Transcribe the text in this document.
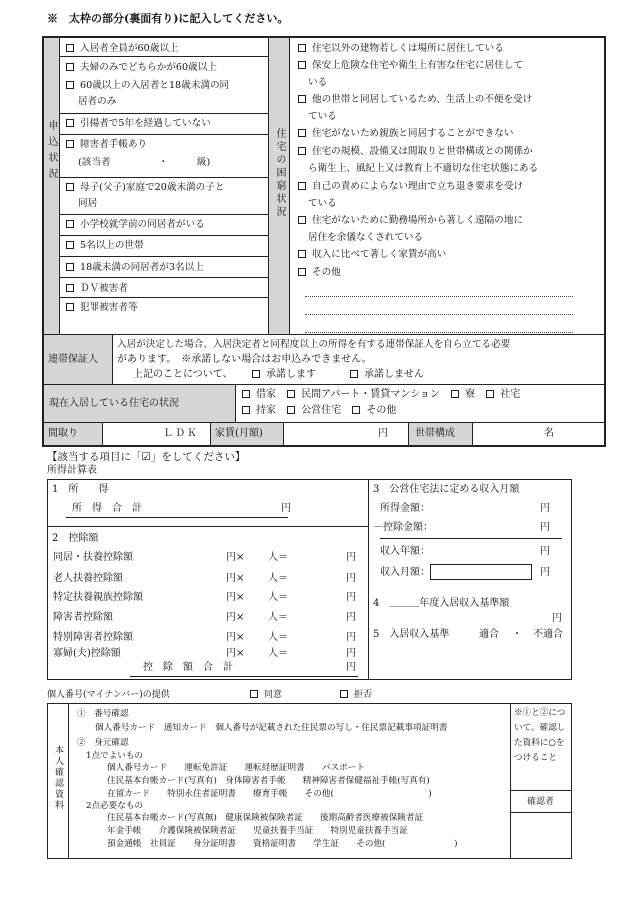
※　太枠の部分(裏面有り)に記入してください。
申込状況	住宅の困窮状況
入居者全員が60歳以上
夫婦のみでどちらかが60歳以上
60歳以上の入居者と18歳未満の同
居者のみ
引揚者で5年を経過していない
障害者手帳あり
(該当者　　　　　・　　　級)
母子(父子)家庭で20歳未満の子と
同居
小学校就学前の同居者がいる
5名以上の世帯
18歳未満の同居者が3名以上
ＤＶ被害者
犯罪被害者等
住宅以外の建物若しくは場所に居住している
保安上危険な住宅や衛生上有害な住宅に居住して
いる
他の世帯と同居しているため、生活上の不便を受け
ている
住宅がないため親族と同居することができない
住宅の規模、設備又は間取りと世帯構成との関係か
ら衛生上、風紀上又は教育上不適切な住宅状態にある
自己の責めによらない理由で立ち退き要求を受け
ている
住宅がないために勤務場所から著しく遠隔の地に
居住を余儀なくされている
収入に比べて著しく家賃が高い
その他
連帯保証人
入居が決定した場合、入居決定者と同程度以上の所得を有する連帯保証人を自ら立てる必要
があります。　※承諾しない場合はお申込みできません。
上記のことについて、	承諾します	承諾しません
現在入居している住宅の状況
借家	民間アパート・賃貸マンション	寮	社宅
持家	公営住宅	その他
間取り	ＬＤＫ 家賃(月額)	円	世帯構成	名
【該当する項目に「☑」をしてください】
所得計算表
1　所　　得
所　得　合　計	円
2　控除額
同居・扶養控除額	円× 人＝	円
老人扶養控除額	円× 人＝	円
特定扶養親族控除額	円× 人＝	円
障害者控除額	円× 人＝	円
特別障害者控除額	円× 人＝	円
寡婦(夫)控除額	円× 人＝	円
控　除　額　合　計	円
3　公営住宅法に定める収入月額
所得金額：	円
－控除金額：	円
収入年額：	円
収入月額：	円
4　＿＿＿年度入居収入基準額
円
5　入居収入基準	適合 ・ 不適合
個人番号(マイナンバー)の提供	同意	拒否
本人確認資料
①　番号確認
個人番号カード　通知カード　個人番号が記載された住民票の写し・住民票記載事項証明書
②　身元確認
1点でよいもの
個人番号カード　　運転免許証　　運転経歴証明書　　パスポート
住民基本台帳カード(写真有)　身体障害者手帳　　精神障害者保健福祉手帳(写真有)
在留カード　　特別永住者証明書　　療育手帳　　その他(　　　　　　　　　　　)
2点必要なもの
住民基本台帳カード(写真無)　健康保険被保険者証　　後期高齢者医療被保険者証
年金手帳　　介護保険被保険者証　　児童扶養手当証　　特別児童扶養手当証
預金通帳　社員証　　身分証明書　　資格証明書　　学生証　　その他(　　　　　　　　)
※①と②につ
いて、確認し
た資料に○を
つけること
確認者
